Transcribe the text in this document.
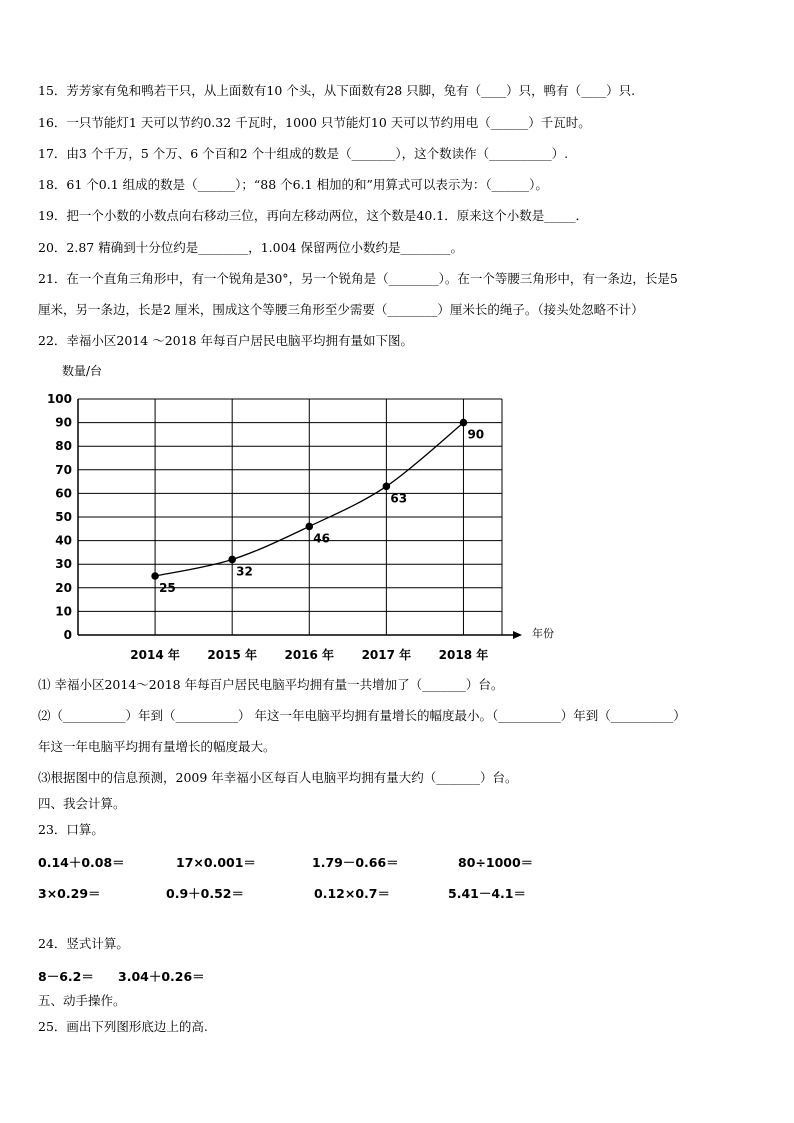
15．芳芳家有兔和鸭若干只，从上面数有10 个头，从下面数有28 只脚，兔有（____）只，鸭有（____）只.
16．一只节能灯1 天可以节约0.32 千瓦时，1000 只节能灯10 天可以节约用电（______）千瓦时。
17．由3 个千万，5 个万、6 个百和2 个十组成的数是（_______），这个数读作（__________）.
18．61 个0.1 组成的数是（______）；“88 个6.1 相加的和”用算式可以表示为：（______）。
19．把一个小数的小数点向右移动三位，再向左移动两位，这个数是40.1．原来这个小数是_____．
20．2.87 精确到十分位约是________，1.004 保留两位小数约是________。
21．在一个直角三角形中，有一个锐角是30°，另一个锐角是（________）。在一个等腰三角形中，有一条边，长是5
厘米，另一条边，长是2 厘米，围成这个等腰三角形至少需要（________）厘米长的绳子。（接头处忽略不计）
22．幸福小区2014 ～2018 年每百户居民电脑平均拥有量如下图。
0
10
20
30
40
50
60
70
80
90
100
2014 年 2015 年 2016 年 2017 年 2018 年
数量/台
年份
25
32
46
63
90
⑴ 幸福小区2014～2018 年每百户居民电脑平均拥有量一共增加了（_______）台。
⑵（__________）年到（__________） 年这一年电脑平均拥有量增长的幅度最小。（__________）年到（__________）
年这一年电脑平均拥有量增长的幅度最大。
⑶根据图中的信息预测，2009 年幸福小区每百人电脑平均拥有量大约（_______）台。
四、我会计算。
23．口算。
0.14＋0.08＝	17×0.001＝	1.79－0.66＝	80÷1000＝
3×0.29＝	0.9＋0.52＝	0.12×0.7＝	5.41－4.1＝
24．竖式计算。
8－6.2＝ 3.04＋0.26＝
五、动手操作。
25．画出下列图形底边上的高.
